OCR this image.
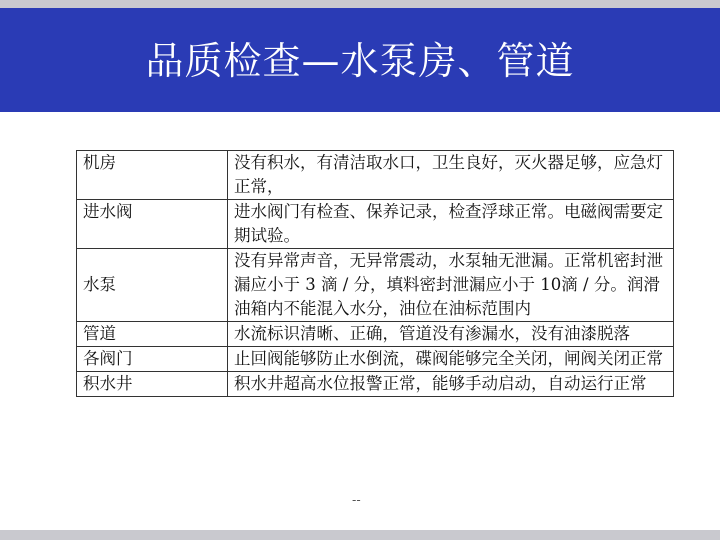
品质检查—水泵房、管道
机房	没有积水，有清洁取水口，卫生良好，灭火器足够，应急灯正常，
进水阀	进水阀门有检查、保养记录，检查浮球正常。电磁阀需要定期试验。
水泵	没有异常声音，无异常震动，水泵轴无泄漏。正常机密封泄漏应小于 3 滴 / 分，填料密封泄漏应小于 10滴 / 分。润滑油箱内不能混入水分，油位在油标范围内
管道	水流标识清晰、正确，管道没有渗漏水，没有油漆脱落
各阀门	止回阀能够防止水倒流，碟阀能够完全关闭，闸阀关闭正常
积水井	积水井超高水位报警正常，能够手动启动，自动运行正常
--
